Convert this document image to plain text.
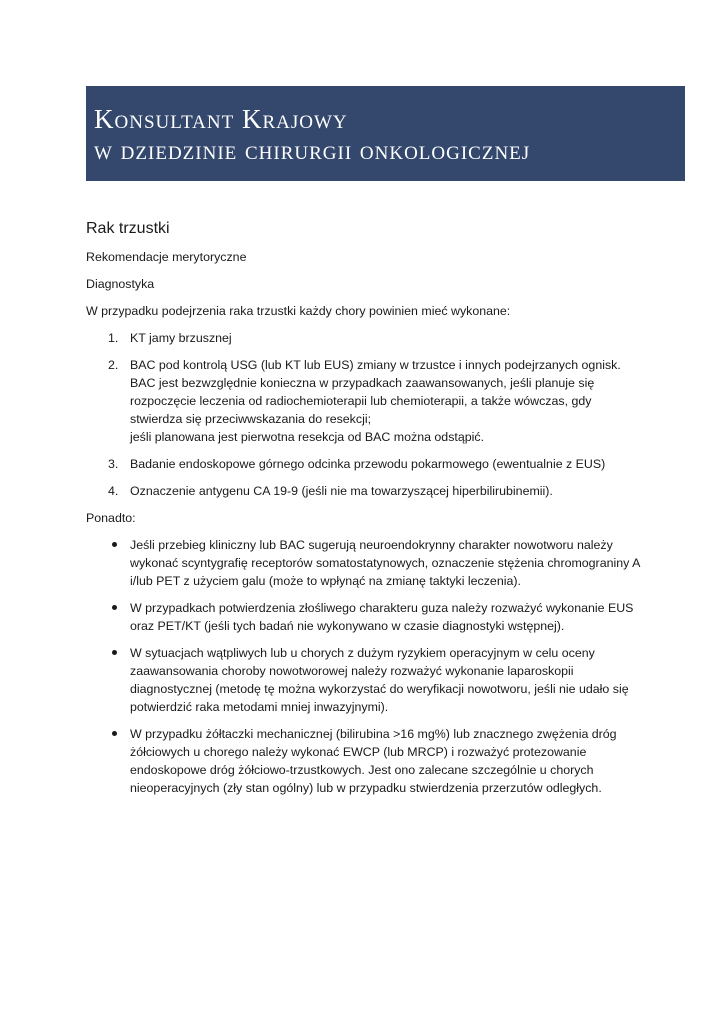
Konsultant Krajowy
w dziedzinie chirurgii onkologicznej
Rak trzustki
Rekomendacje merytoryczne
Diagnostyka
W przypadku podejrzenia raka trzustki każdy chory powinien mieć wykonane:
1. KT jamy brzusznej
2. BAC pod kontrolą USG (lub KT lub EUS) zmiany w trzustce i innych podejrzanych ognisk.
BAC jest bezwzględnie konieczna w przypadkach zaawansowanych, jeśli planuje się rozpoczęcie leczenia od radiochemioterapii lub chemioterapii, a także wówczas, gdy stwierdza się przeciwwskazania do resekcji;
jeśli planowana jest pierwotna resekcja od BAC można odstąpić.
3. Badanie endoskopowe górnego odcinka przewodu pokarmowego (ewentualnie z EUS)
4. Oznaczenie antygenu CA 19-9 (jeśli nie ma towarzyszącej hiperbilirubinemii).
Ponadto:
Jeśli przebieg kliniczny lub BAC sugerują neuroendokrynny charakter nowotworu należy wykonać scyntygrafię receptorów somatostatynowych, oznaczenie stężenia chromograniny A i/lub PET z użyciem galu (może to wpłynąć na zmianę taktyki leczenia).
W przypadkach potwierdzenia złośliwego charakteru guza należy rozważyć wykonanie EUS oraz PET/KT (jeśli tych badań nie wykonywano w czasie diagnostyki wstępnej).
W sytuacjach wątpliwych lub u chorych z dużym ryzykiem operacyjnym w celu oceny zaawansowania choroby nowotworowej należy rozważyć wykonanie laparoskopii diagnostycznej (metodę tę można wykorzystać do weryfikacji nowotworu, jeśli nie udało się potwierdzić raka metodami mniej inwazyjnymi).
W przypadku żółtaczki mechanicznej (bilirubina >16 mg%) lub znacznego zwężenia dróg żółciowych u chorego należy wykonać EWCP (lub MRCP) i rozważyć protezowanie endoskopowe dróg żółciowo-trzustkowych. Jest ono zalecane szczególnie u chorych nieoperacyjnych (zły stan ogólny) lub w przypadku stwierdzenia przerzutów odległych.
